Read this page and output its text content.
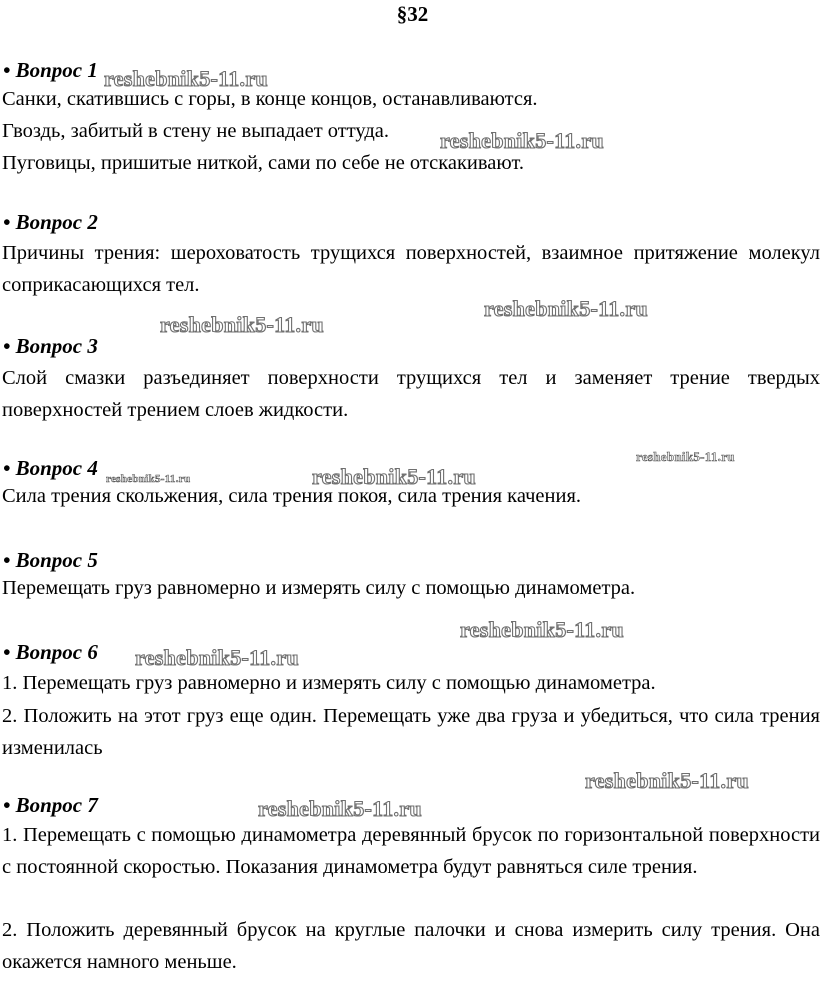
§32
• Вопрос 1
Санки, скатившись с горы, в конце концов, останавливаются.
Гвоздь, забитый в стену не выпадает оттуда.
Пуговицы, пришитые ниткой, сами по себе не отскакивают.
• Вопрос 2
Причины трения: шероховатость трущихся поверхностей, взаимное притяжение молекул соприкасающихся тел.
• Вопрос 3
Слой смазки разъединяет поверхности трущихся тел и заменяет трение твердых поверхностей трением слоев жидкости.
• Вопрос 4
Сила трения скольжения, сила трения покоя, сила трения качения.
• Вопрос 5
Перемещать груз равномерно и измерять силу с помощью динамометра.
• Вопрос 6
1. Перемещать груз равномерно и измерять силу с помощью динамометра.
2. Положить на этот груз еще один. Перемещать уже два груза и убедиться, что сила трения изменилась
• Вопрос 7
1. Перемещать с помощью динамометра деревянный брусок по горизонтальной поверхности с постоянной скоростью. Показания динамометра будут равняться силе трения.
2. Положить деревянный брусок на круглые палочки и снова измерить силу трения. Она окажется намного меньше.
reshebnik5-11.ru
reshebnik5-11.ru
reshebnik5-11.ru
reshebnik5-11.ru
reshebnik5-11.ru
reshebnik5-11.ru	reshebnik5-11.ru
reshebnik5-11.ru
reshebnik5-11.ru
reshebnik5-11.ru
reshebnik5-11.ru
